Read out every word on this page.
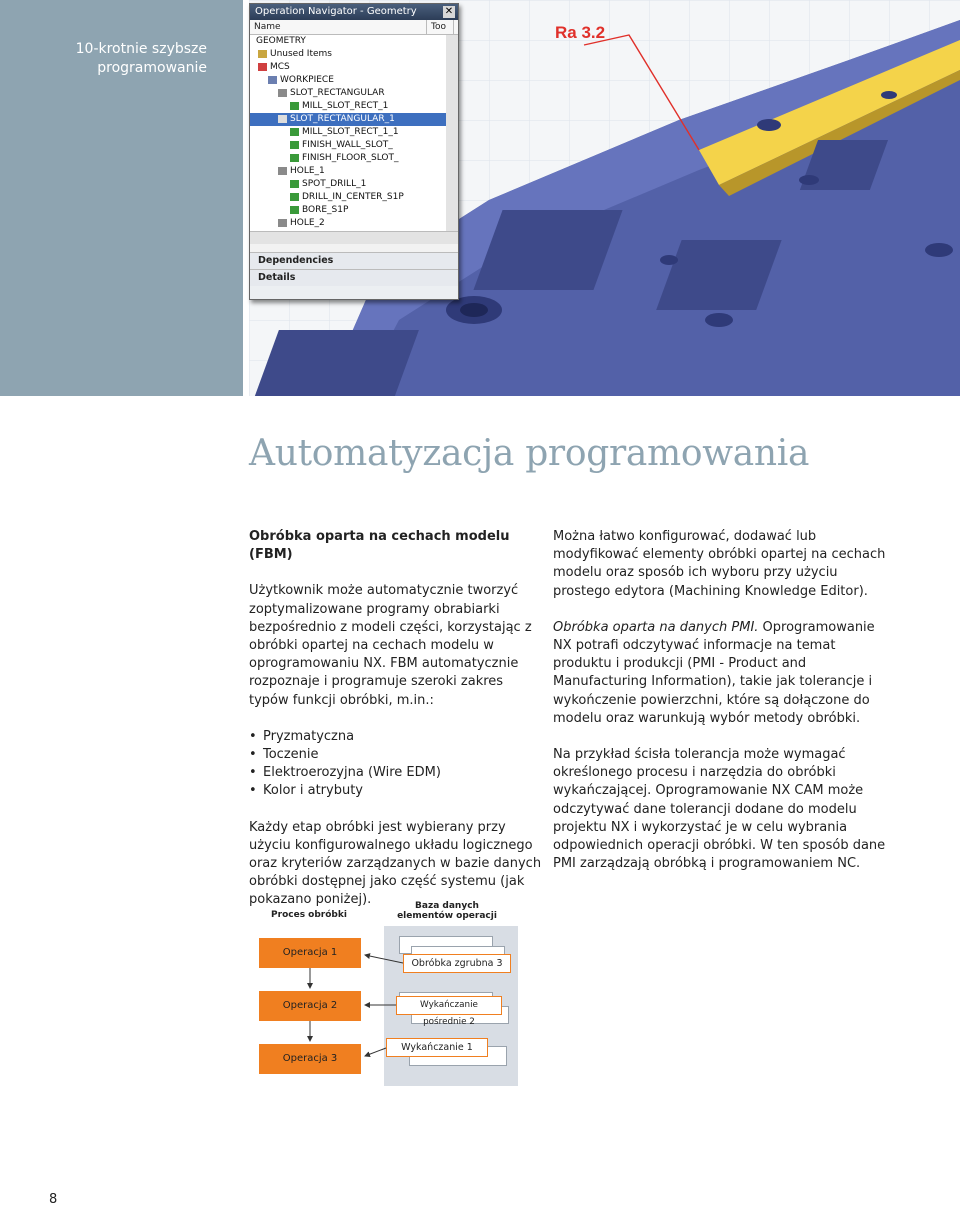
10-krotnie szybsze programowanie
Ra 3.2
Operation Navigator - Geometry	✕
Name	Too
GEOMETRY
Unused Items
MCS
WORKPIECE
SLOT_RECTANGULAR
MILL_SLOT_RECT_1
SLOT_RECTANGULAR_1
MILL_SLOT_RECT_1_1
FINISH_WALL_SLOT_
FINISH_FLOOR_SLOT_
HOLE_1
SPOT_DRILL_1
DRILL_IN_CENTER_S1P
BORE_S1P
HOLE_2
Dependencies
Details
Automatyzacja programowania

Obróbka oparta na cechach modelu (FBM)

Użytkownik może automatycznie tworzyć zoptymalizowane programy obrabiarki bezpośrednio z modeli części, korzystając z obróbki opartej na cechach modelu w oprogramowaniu NX. FBM automatycznie rozpoznaje i programuje szeroki zakres typów funkcji obróbki, m.in.:

• Pryzmatyczna
• Toczenie
• Elektroerozyjna (Wire EDM)
• Kolor i atrybuty

Każdy etap obróbki jest wybierany przy użyciu konfigurowalnego układu logicznego oraz kryteriów zarządzanych w bazie danych obróbki dostępnej jako część systemu (jak pokazano poniżej).

Można łatwo konfigurować, dodawać lub modyfikować elementy obróbki opartej na cechach modelu oraz sposób ich wyboru przy użyciu prostego edytora (Machining Knowledge Editor).

Obróbka oparta na danych PMI. Oprogramowanie NX potrafi odczytywać informacje na temat produktu i produkcji (PMI - Product and Manufacturing Information), takie jak tolerancje i wykończenie powierzchni, które są dołączone do modelu oraz warunkują wybór metody obróbki.

Na przykład ścisła tolerancja może wymagać określonego procesu i narzędzia do obróbki wykańczającej. Oprogramowanie NX CAM może odczytywać dane tolerancji dodane do modelu projektu NX i wykorzystać je w celu wybrania odpowiednich operacji obróbki. W ten sposób dane PMI zarządzają obróbką i programowaniem NC.

Proces obróbki
Baza danych
elementów operacji
Operacja 1
Operacja 2
Operacja 3
Obróbka zgrubna 3
Wykańczanie pośrednie 2
Wykańczanie 1
8
